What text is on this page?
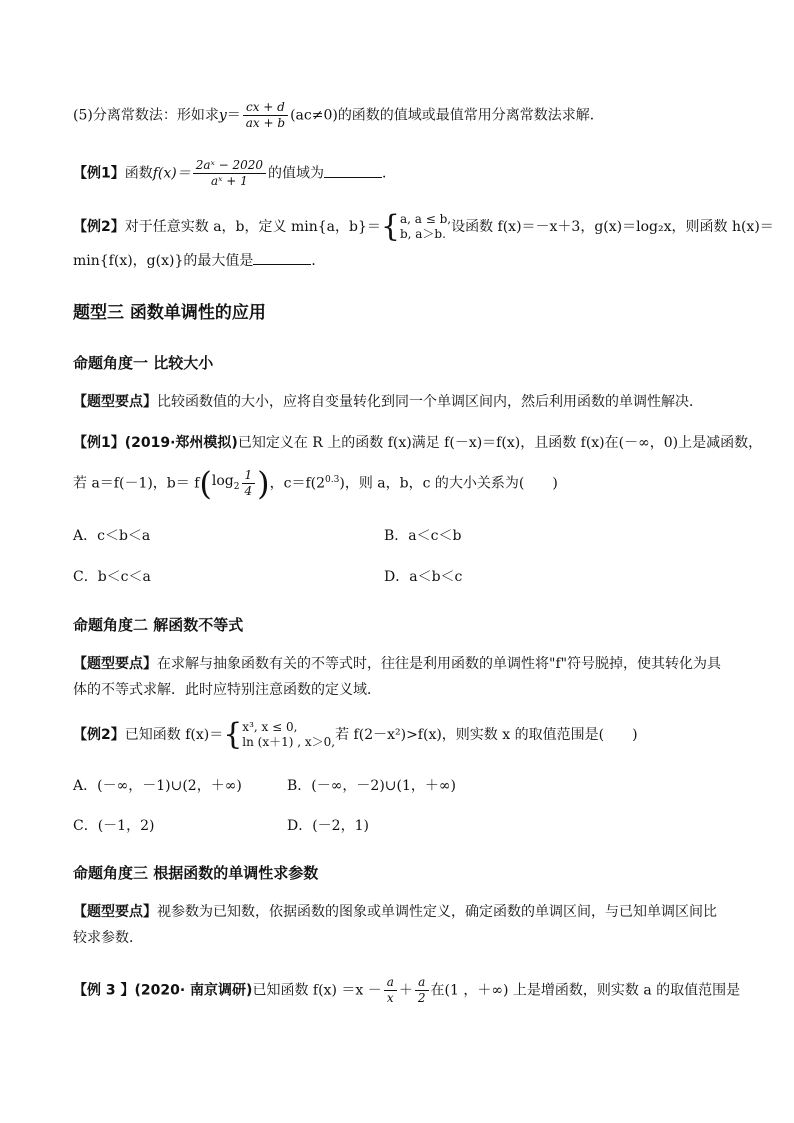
(5)分离常数法：形如求$y= \frac{cx + d}{ax + b} (ac\ne 0)$的函数的值域或最值常用分离常数法求解．
【例1】函数$f(x)= \frac{\text{2aˣ − 2020}}{\text{aˣ + 1}}$ 的值域为	．
【例2】对于任意实数 a，b，定义 min{a，b}＝{ a, a ≤ b,
b, a＞b. 设函数 f(x)＝－x＋3，g(x)＝log₂x，则函数 h(x)＝
min{f(x)，g(x)}的最大值是	．
题型三 函数单调性的应用
命题角度一 比较大小
【题型要点】比较函数值的大小，应将自变量转化到同一个单调区间内，然后利用函数的单调性解决．
【例1】(2019·郑州模拟)已知定义在 R 上的函数 f(x)满足 f(－x)＝f(x)，且函数 f(x)在(－∞，0)上是减函数，
若 a＝f(－1)，$b= f(\log_2 \frac{1}{4}$ )，$c=f(2^{0.3})$，则 a，b，c 的大小关系为(　　)
A．c＜b＜a	B．a＜c＜b
C．b＜c＜a	D．a＜b＜c
命题角度二 解函数不等式
【题型要点】在求解与抽象函数有关的不等式时，往往是利用函数的单调性将"f"符号脱掉，使其转化为具
体的不等式求解．此时应特别注意函数的定义域．
【例2】已知函数 f(x)＝{ x³, x ≤ 0,
ln (x＋1) , x＞0, 若 f(2－x²)>f(x)，则实数 x 的取值范围是(　　)
A．(－∞，－1)∪(2，＋∞)	B．(－∞，－2)∪(1，＋∞)
C．(－1，2)	D．(－2，1)
命题角度三 根据函数的单调性求参数
【题型要点】视参数为已知数，依据函数的图象或单调性定义，确定函数的单调区间，与已知单调区间比
较求参数．
【例 3 】(2020· 南京调研)已知函数 $f(x) =x - \frac{a}{x} + \frac{a}{2}$ 在(1 ，＋∞) 上是增函数，则实数 a 的取值范围是
